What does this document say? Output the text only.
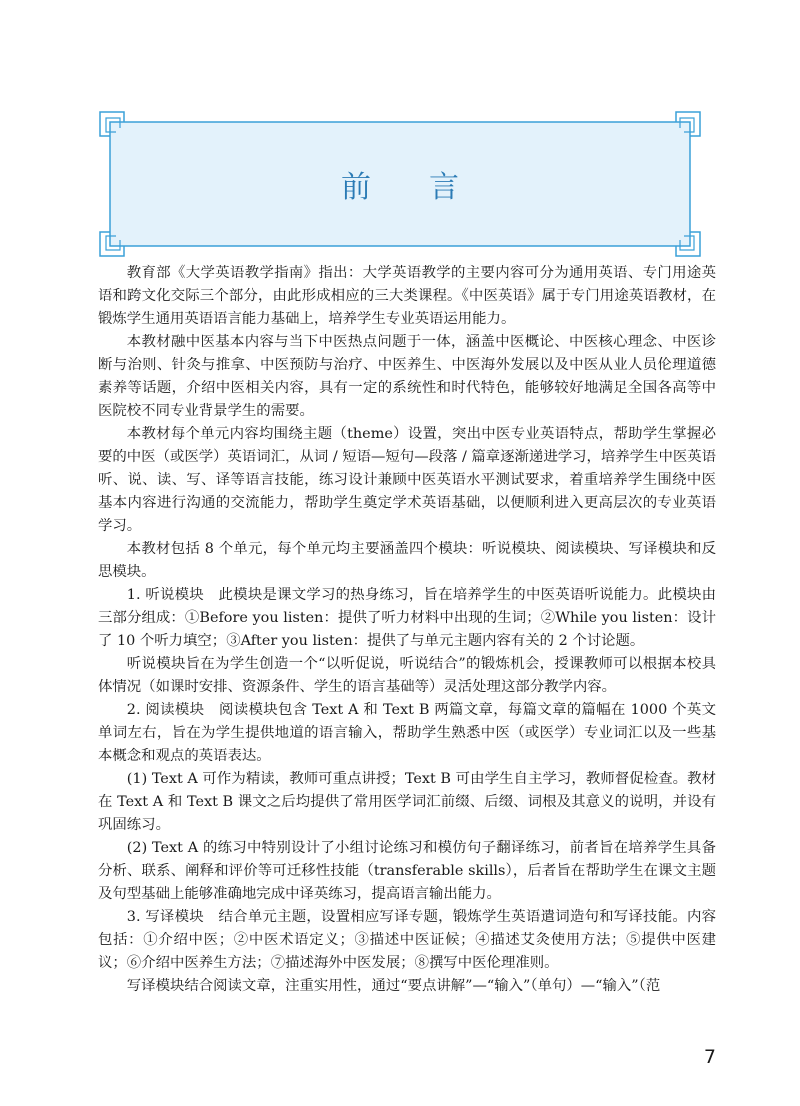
前言

教育部《大学英语教学指南》指出：大学英语教学的主要内容可分为通用英语、专门用途英语和跨文化交际三个部分，由此形成相应的三大类课程。《中医英语》属于专门用途英语教材，在锻炼学生通用英语语言能力基础上，培养学生专业英语运用能力。

本教材融中医基本内容与当下中医热点问题于一体，涵盖中医概论、中医核心理念、中医诊断与治则、针灸与推拿、中医预防与治疗、中医养生、中医海外发展以及中医从业人员伦理道德素养等话题，介绍中医相关内容，具有一定的系统性和时代特色，能够较好地满足全国各高等中医院校不同专业背景学生的需要。

本教材每个单元内容均围绕主题（theme）设置，突出中医专业英语特点，帮助学生掌握必要的中医（或医学）英语词汇，从词 / 短语—短句—段落 / 篇章逐渐递进学习，培养学生中医英语听、说、读、写、译等语言技能，练习设计兼顾中医英语水平测试要求，着重培养学生围绕中医基本内容进行沟通的交流能力，帮助学生奠定学术英语基础，以便顺利进入更高层次的专业英语学习。

本教材包括 8 个单元，每个单元均主要涵盖四个模块：听说模块、阅读模块、写译模块和反思模块。

1. 听说模块　此模块是课文学习的热身练习，旨在培养学生的中医英语听说能力。此模块由三部分组成：①Before you listen：提供了听力材料中出现的生词；②While you listen：设计了 10 个听力填空；③After you listen：提供了与单元主题内容有关的 2 个讨论题。

听说模块旨在为学生创造一个“以听促说，听说结合”的锻炼机会，授课教师可以根据本校具体情况（如课时安排、资源条件、学生的语言基础等）灵活处理这部分教学内容。

2. 阅读模块　阅读模块包含 Text A 和 Text B 两篇文章，每篇文章的篇幅在 1000 个英文单词左右，旨在为学生提供地道的语言输入，帮助学生熟悉中医（或医学）专业词汇以及一些基本概念和观点的英语表达。

(1) Text A 可作为精读，教师可重点讲授；Text B 可由学生自主学习，教师督促检查。教材在 Text A 和 Text B 课文之后均提供了常用医学词汇前缀、后缀、词根及其意义的说明，并设有巩固练习。

(2) Text A 的练习中特别设计了小组讨论练习和模仿句子翻译练习，前者旨在培养学生具备分析、联系、阐释和评价等可迁移性技能（transferable skills），后者旨在帮助学生在课文主题及句型基础上能够准确地完成中译英练习，提高语言输出能力。

3. 写译模块　结合单元主题，设置相应写译专题，锻炼学生英语遣词造句和写译技能。内容包括：①介绍中医；②中医术语定义；③描述中医证候；④描述艾灸使用方法；⑤提供中医建议；⑥介绍中医养生方法；⑦描述海外中医发展；⑧撰写中医伦理准则。

写译模块结合阅读文章，注重实用性，通过“要点讲解”—“输入”（单句）—“输入”（范

7
